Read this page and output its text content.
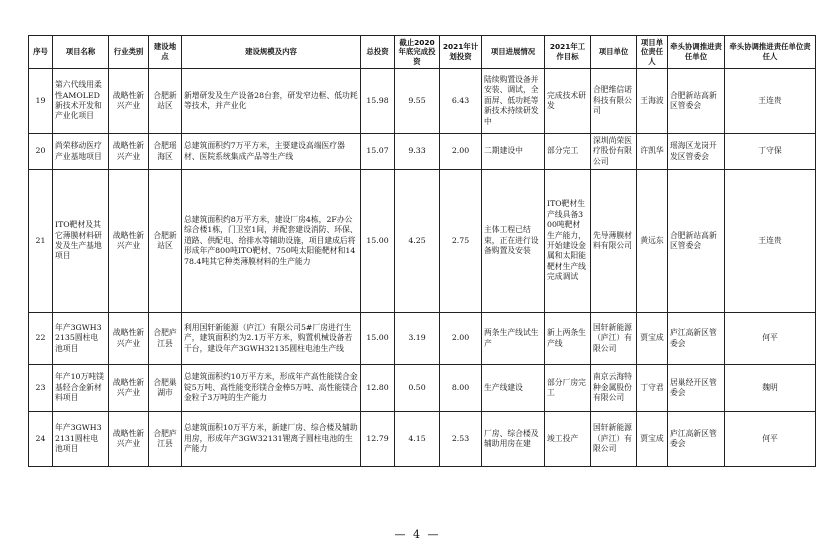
序号	项目名称	行业类别	建设地点	建设规模及内容	总投资	截止2020年底完成投资	2021年计划投资	项目进展情况	2021年工作目标	项目单位	项目单位责任人	牵头协调推进责任单位	牵头协调推进责任单位责任人
19	第六代线用柔性AMOLED新技术开发和产业化项目	战略性新兴产业	合肥新站区	新增研发及生产设备28台套，研发窄边框、低功耗等技术，并产业化	15.98	9.55	6.43	陆续购置设备并安装、调试，全面屏、低功耗等新技术持续研发中	完成技术研发	合肥维信诺科技有限公司	王海波	合肥新站高新区管委会	王连贵
20	尚荣移动医疗产业基地项目	战略性新兴产业	合肥瑶海区	总建筑面积约7万平方米，主要建设高端医疗器材、医院系统集成产品等生产线	15.07	9.33	2.00	二期建设中	部分完工	深圳尚荣医疗股份有限公司	许凯华	瑶海区龙岗开发区管委会	丁守保
21	ITO靶材及其它薄膜材料研发及生产基地项目	战略性新兴产业	合肥新站区	总建筑面积约8万平方米，建设厂房4栋，2F办公综合楼1栋，门卫室1间，并配套建设消防、环保、道路、供配电、给排水等辅助设施，项目建成后将形成年产800吨ITO靶材、750吨太阳能靶材和1478.4吨其它种类薄膜材料的生产能力	15.00	4.25	2.75	主体工程已结束，正在进行设备购置及安装	ITO靶材生产线具备300吨靶材生产能力，开始建设金属和太阳能靶材生产线完成调试	先导薄膜材料有限公司	黄远东	合肥新站高新区管委会	王连贵
22	年产3GWH32135圆柱电池项目	战略性新兴产业	合肥庐江县	利用国轩新能源（庐江）有限公司5#厂房进行生产，建筑面积约为2.1万平方米，购置机械设备若干台，建设年产3GWH32135圆柱电池生产线	15.00	3.19	2.00	两条生产线试生产	新上两条生产线	国轩新能源（庐江）有限公司	贾宝成	庐江高新区管委会	何平
23	年产10万吨镁基轻合金新材料项目	战略性新兴产业	合肥巢湖市	总建筑面积约10万平方米，形成年产高性能镁合金锭5万吨、高性能变形镁合金棒5万吨、高性能镁合金粒子3万吨的生产能力	12.80	0.50	8.00	生产线建设	部分厂房完工	南京云海特种金属股份有限公司	丁守君	居巢经开区管委会	魏明
24	年产3GWH32131圆柱电池项目	战略性新兴产业	合肥庐江县	总建筑面积10万平方米，新建厂房、综合楼及辅助用房，形成年产3GW32131锂离子圆柱电池的生产能力	12.79	4.15	2.53	厂房、综合楼及辅助用房在建	竣工投产	国轩新能源（庐江）有限公司	贾宝成	庐江高新区管委会	何平
— 4 —
